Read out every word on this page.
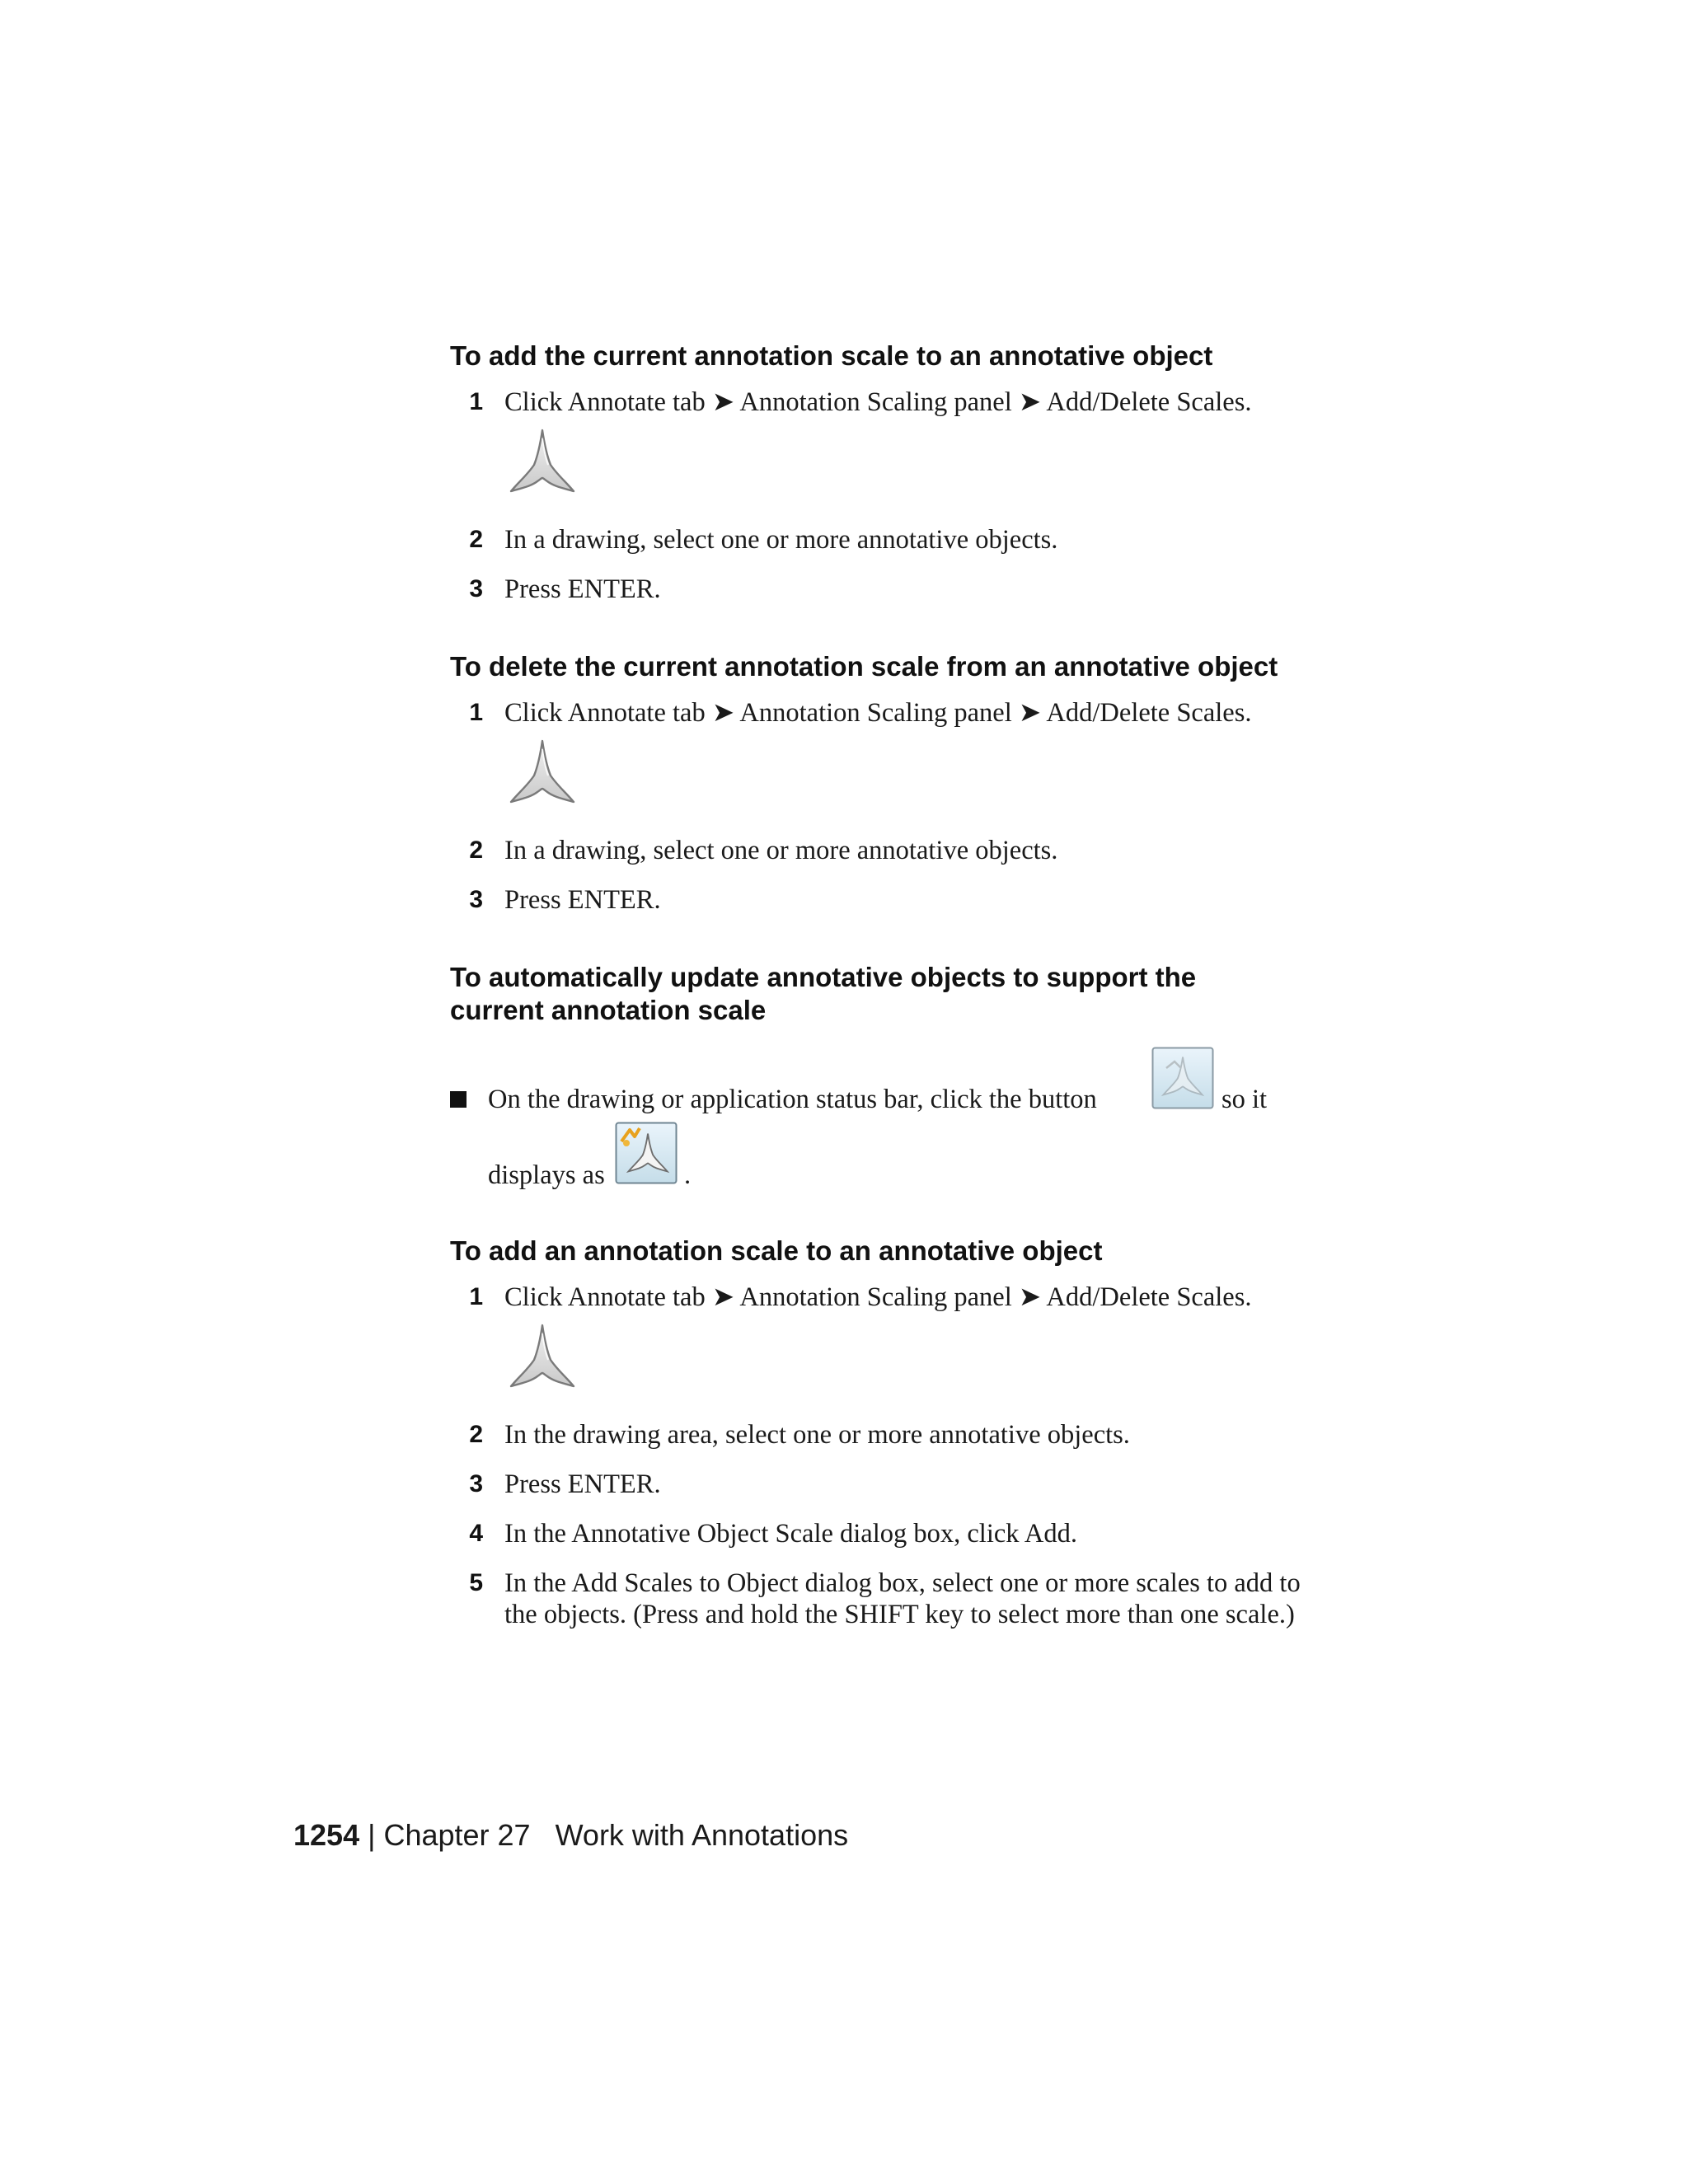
To add the current annotation scale to an annotative object
1 Click Annotate tab ➤ Annotation Scaling panel ➤ Add/Delete Scales.
2 In a drawing, select one or more annotative objects.
3 Press ENTER.
To delete the current annotation scale from an annotative object
1 Click Annotate tab ➤ Annotation Scaling panel ➤ Add/Delete Scales.
2 In a drawing, select one or more annotative objects.
3 Press ENTER.
To automatically update annotative objects to support the current annotation scale
On the drawing or application status bar, click the button	so it
displays as	.
To add an annotation scale to an annotative object
1 Click Annotate tab ➤ Annotation Scaling panel ➤ Add/Delete Scales.
2 In the drawing area, select one or more annotative objects.
3 Press ENTER.
4 In the Annotative Object Scale dialog box, click Add.
5 In the Add Scales to Object dialog box, select one or more scales to add to the objects. (Press and hold the SHIFT key to select more than one scale.)
1254 | Chapter 27 Work with Annotations
